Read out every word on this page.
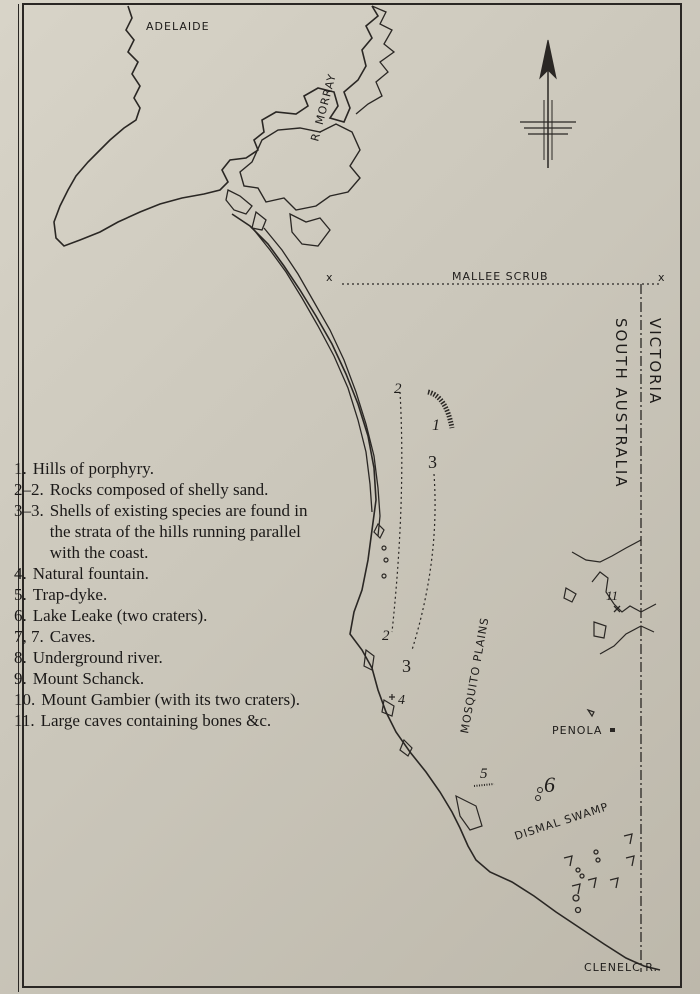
x	x
MALLEE SCRUB
ADELAIDE
R. MORRAY
VICTORIA
SOUTH AUSTRALIA
1
2
2
3
3
11
4	MOSQUITO PLAINS	PENOLA
5	6
DISMAL SWAMP
CLENELC R.
1. Hills of porphyry.
2–2. Rocks composed of shelly sand.
3–3. Shells of existing species are found in the strata of the hills running parallel with the coast.
4. Natural fountain.
5. Trap-dyke.
6. Lake Leake (two craters).
7, 7. Caves.
8. Underground river.
9. Mount Schanck.
10. Mount Gambier (with its two craters).
11. Large caves containing bones &c.
